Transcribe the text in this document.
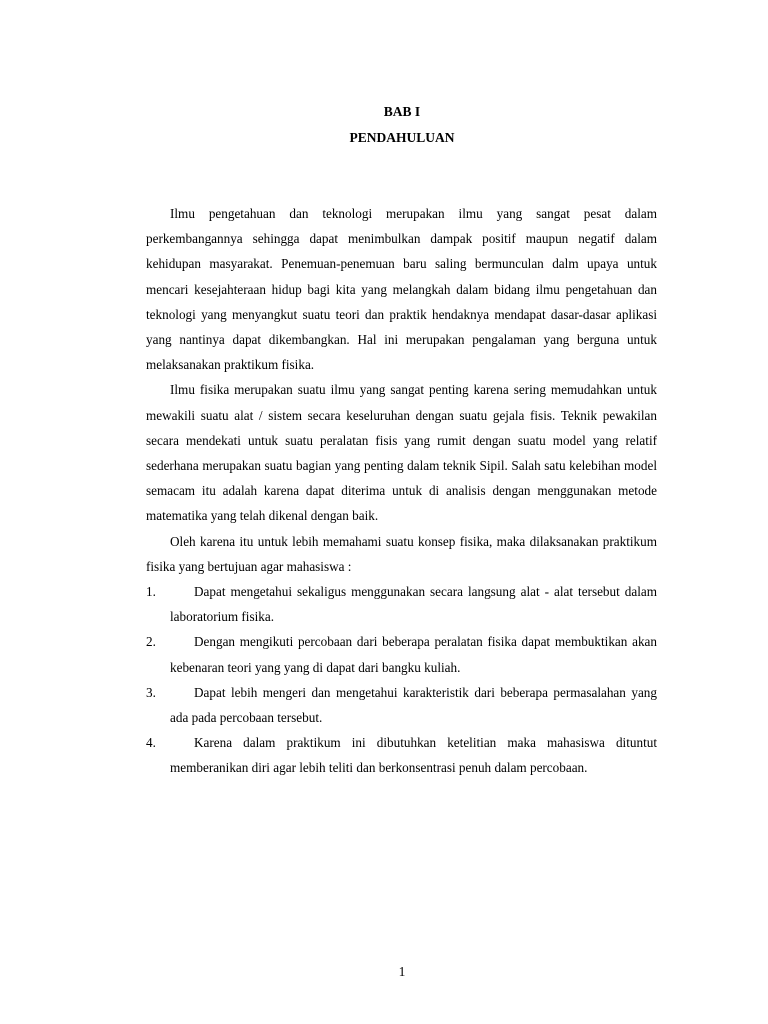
BAB I
PENDAHULUAN

Ilmu pengetahuan dan teknologi merupakan ilmu yang sangat pesat dalam perkembangannya sehingga dapat menimbulkan dampak positif maupun negatif dalam kehidupan masyarakat. Penemuan-penemuan baru saling bermunculan dalm upaya untuk mencari kesejahteraan hidup bagi kita yang melangkah dalam bidang ilmu pengetahuan dan teknologi yang menyangkut suatu teori dan praktik hendaknya mendapat dasar-dasar aplikasi yang nantinya dapat dikembangkan. Hal ini merupakan pengalaman yang berguna untuk melaksanakan praktikum fisika.

Ilmu fisika merupakan suatu ilmu yang sangat penting karena sering memudahkan untuk mewakili suatu alat / sistem secara keseluruhan dengan suatu gejala fisis. Teknik pewakilan secara mendekati untuk suatu peralatan fisis yang rumit dengan suatu model yang relatif sederhana merupakan suatu bagian yang penting dalam teknik Sipil. Salah satu kelebihan model semacam itu adalah karena dapat diterima untuk di analisis dengan menggunakan metode matematika yang telah dikenal dengan baik.

Oleh karena itu untuk lebih memahami suatu konsep fisika, maka dilaksanakan praktikum fisika yang bertujuan agar mahasiswa :

1.	Dapat mengetahui sekaligus menggunakan secara langsung alat - alat tersebut dalam laboratorium fisika.
2.	Dengan mengikuti percobaan dari beberapa peralatan fisika dapat membuktikan akan kebenaran teori yang yang di dapat dari bangku kuliah.
3.	Dapat lebih mengeri dan mengetahui karakteristik dari beberapa permasalahan yang ada pada percobaan tersebut.
4.	Karena dalam praktikum ini dibutuhkan ketelitian maka mahasiswa dituntut memberanikan diri agar lebih teliti dan berkonsentrasi penuh dalam percobaan.

1
